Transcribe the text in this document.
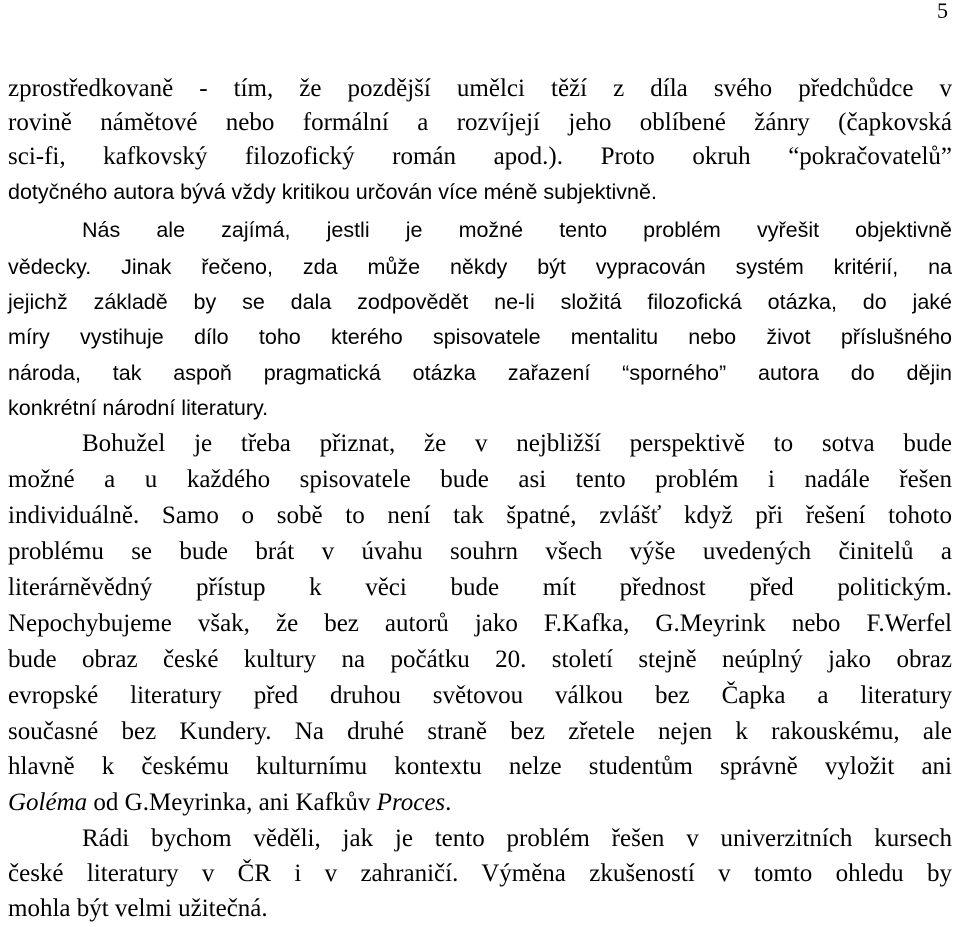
5
zprostředkovaně - tím, že pozdější umělci těží z díla svého předchůdce v
rovině námětové nebo formální a rozvíjejí jeho oblíbené žánry (čapkovská
sci-fi, kafkovský filozofický román apod.). Proto okruh “pokračovatelů”
dotyčného autora bývá vždy kritikou určován více méně subjektivně.
Nás ale zajímá, jestli je možné tento problém vyřešit objektivně
vědecky. Jinak řečeno, zda může někdy být vypracován systém kritérií, na
jejichž základě by se dala zodpovědět ne-li složitá filozofická otázka, do jaké
míry vystihuje dílo toho kterého spisovatele mentalitu nebo život příslušného
národa, tak aspoň pragmatická otázka zařazení “sporného” autora do dějin
konkrétní národní literatury.
Bohužel je třeba přiznat, že v nejbližší perspektivě to sotva bude
možné a u každého spisovatele bude asi tento problém i nadále řešen
individuálně. Samo o sobě to není tak špatné, zvlášť když při řešení tohoto
problému se bude brát v úvahu souhrn všech výše uvedených činitelů a
literárněvědný přístup k věci bude mít přednost před politickým.
Nepochybujeme však, že bez autorů jako F.Kafka, G.Meyrink nebo F.Werfel
bude obraz české kultury na počátku 20. století stejně neúplný jako obraz
evropské literatury před druhou světovou válkou bez Čapka a literatury
současné bez Kundery. Na druhé straně bez zřetele nejen k rakouskému, ale
hlavně k českému kulturnímu kontextu nelze studentům správně vyložit ani
Goléma od G.Meyrinka, ani Kafkův Proces.
Rádi bychom věděli, jak je tento problém řešen v univerzitních kursech
české literatury v ČR i v zahraničí. Výměna zkušeností v tomto ohledu by
mohla být velmi užitečná.
